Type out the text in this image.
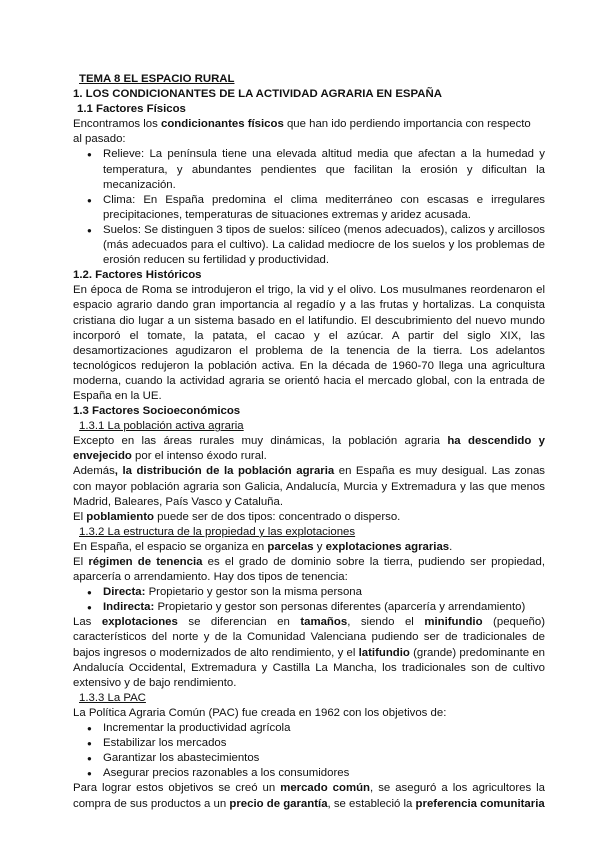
TEMA 8 EL ESPACIO RURAL

1. LOS CONDICIONANTES DE LA ACTIVIDAD AGRARIA EN ESPAÑA

1.1 Factores Físicos

Encontramos los condicionantes físicos que han ido perdiendo importancia con respecto
al pasado:

● Relieve: La península tiene una elevada altitud media que afectan a la humedad y temperatura, y abundantes pendientes que facilitan la erosión y dificultan la mecanización.
● Clima: En España predomina el clima mediterráneo con escasas e irregulares precipitaciones, temperaturas de situaciones extremas y aridez acusada.
● Suelos: Se distinguen 3 tipos de suelos: silíceo (menos adecuados), calizos y arcillosos (más adecuados para el cultivo). La calidad mediocre de los suelos y los problemas de erosión reducen su fertilidad y productividad.

1.2. Factores Históricos

En época de Roma se introdujeron el trigo, la vid y el olivo. Los musulmanes reordenaron el espacio agrario dando gran importancia al regadío y a las frutas y hortalizas. La conquista cristiana dio lugar a un sistema basado en el latifundio. El descubrimiento del nuevo mundo incorporó el tomate, la patata, el cacao y el azúcar. A partir del siglo XIX, las desamortizaciones agudizaron el problema de la tenencia de la tierra. Los adelantos tecnológicos redujeron la población activa. En la década de 1960-70 llega una agricultura moderna, cuando la actividad agraria se orientó hacia el mercado global, con la entrada de España en la UE.

1.3 Factores Socioeconómicos

1.3.1 La población activa agraria

Excepto en las áreas rurales muy dinámicas, la población agraria ha descendido y envejecido por el intenso éxodo rural.

Además, la distribución de la población agraria en España es muy desigual. Las zonas con mayor población agraria son Galicia, Andalucía, Murcia y Extremadura y las que menos Madrid, Baleares, País Vasco y Cataluña.

El poblamiento puede ser de dos tipos: concentrado o disperso.

1.3.2 La estructura de la propiedad y las explotaciones

En España, el espacio se organiza en parcelas y explotaciones agrarias.

El régimen de tenencia es el grado de dominio sobre la tierra, pudiendo ser propiedad, aparcería o arrendamiento. Hay dos tipos de tenencia:

● Directa: Propietario y gestor son la misma persona
● Indirecta: Propietario y gestor son personas diferentes (aparcería y arrendamiento)

Las explotaciones se diferencian en tamaños, siendo el minifundio (pequeño) característicos del norte y de la Comunidad Valenciana pudiendo ser de tradicionales de bajos ingresos o modernizados de alto rendimiento, y el latifundio (grande) predominante en Andalucía Occidental, Extremadura y Castilla La Mancha, los tradicionales son de cultivo extensivo y de bajo rendimiento.

1.3.3 La PAC

La Política Agraria Común (PAC) fue creada en 1962 con los objetivos de:

● Incrementar la productividad agrícola
● Estabilizar los mercados
● Garantizar los abastecimientos
● Asegurar precios razonables a los consumidores

Para lograr estos objetivos se creó un mercado común, se aseguró a los agricultores la compra de sus productos a un precio de garantía, se estableció la preferencia comunitaria
